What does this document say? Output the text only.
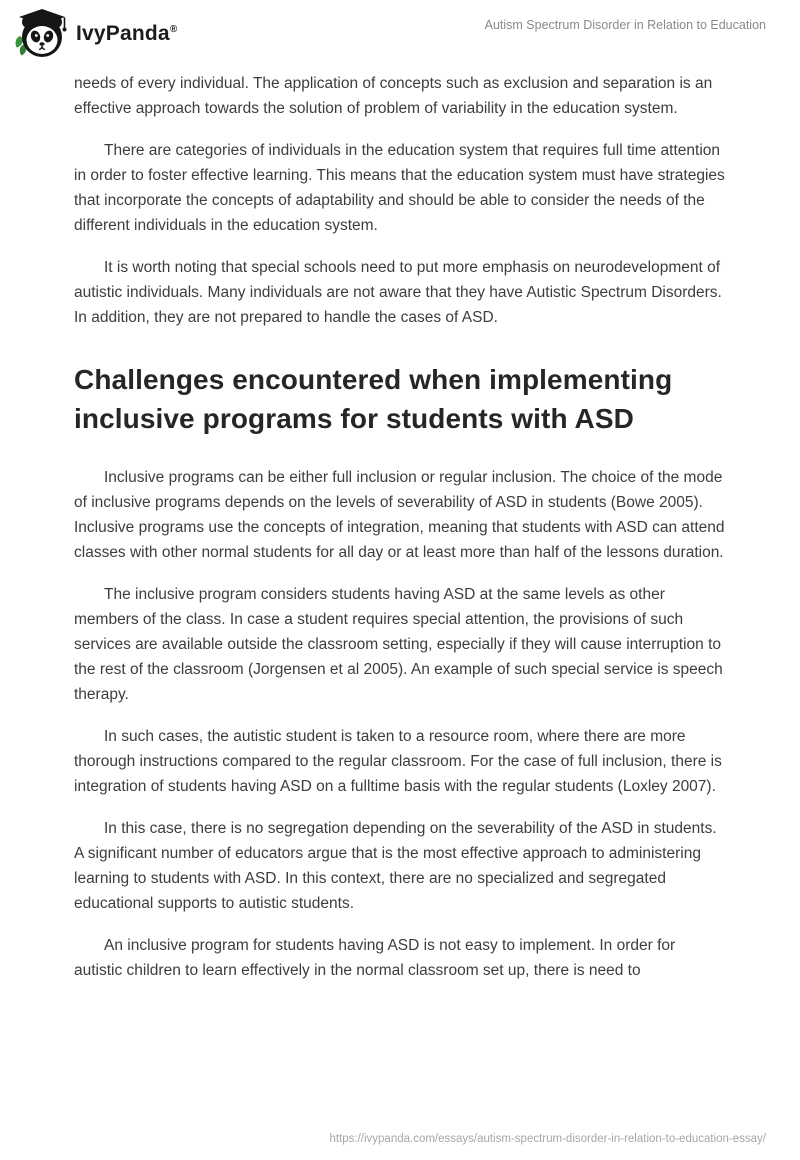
IvyPanda®	Autism Spectrum Disorder in Relation to Education

needs of every individual. The application of concepts such as exclusion and separation is an effective approach towards the solution of problem of variability in the education system.

There are categories of individuals in the education system that requires full time attention in order to foster effective learning. This means that the education system must have strategies that incorporate the concepts of adaptability and should be able to consider the needs of the different individuals in the education system.

It is worth noting that special schools need to put more emphasis on neurodevelopment of autistic individuals. Many individuals are not aware that they have Autistic Spectrum Disorders. In addition, they are not prepared to handle the cases of ASD.

Challenges encountered when implementing inclusive programs for students with ASD

Inclusive programs can be either full inclusion or regular inclusion. The choice of the mode of inclusive programs depends on the levels of severability of ASD in students (Bowe 2005). Inclusive programs use the concepts of integration, meaning that students with ASD can attend classes with other normal students for all day or at least more than half of the lessons duration.

The inclusive program considers students having ASD at the same levels as other members of the class. In case a student requires special attention, the provisions of such services are available outside the classroom setting, especially if they will cause interruption to the rest of the classroom (Jorgensen et al 2005). An example of such special service is speech therapy.

In such cases, the autistic student is taken to a resource room, where there are more thorough instructions compared to the regular classroom. For the case of full inclusion, there is integration of students having ASD on a fulltime basis with the regular students (Loxley 2007).

In this case, there is no segregation depending on the severability of the ASD in students. A significant number of educators argue that is the most effective approach to administering learning to students with ASD. In this context, there are no specialized and segregated educational supports to autistic students.

An inclusive program for students having ASD is not easy to implement. In order for autistic children to learn effectively in the normal classroom set up, there is need to

https://ivypanda.com/essays/autism-spectrum-disorder-in-relation-to-education-essay/
